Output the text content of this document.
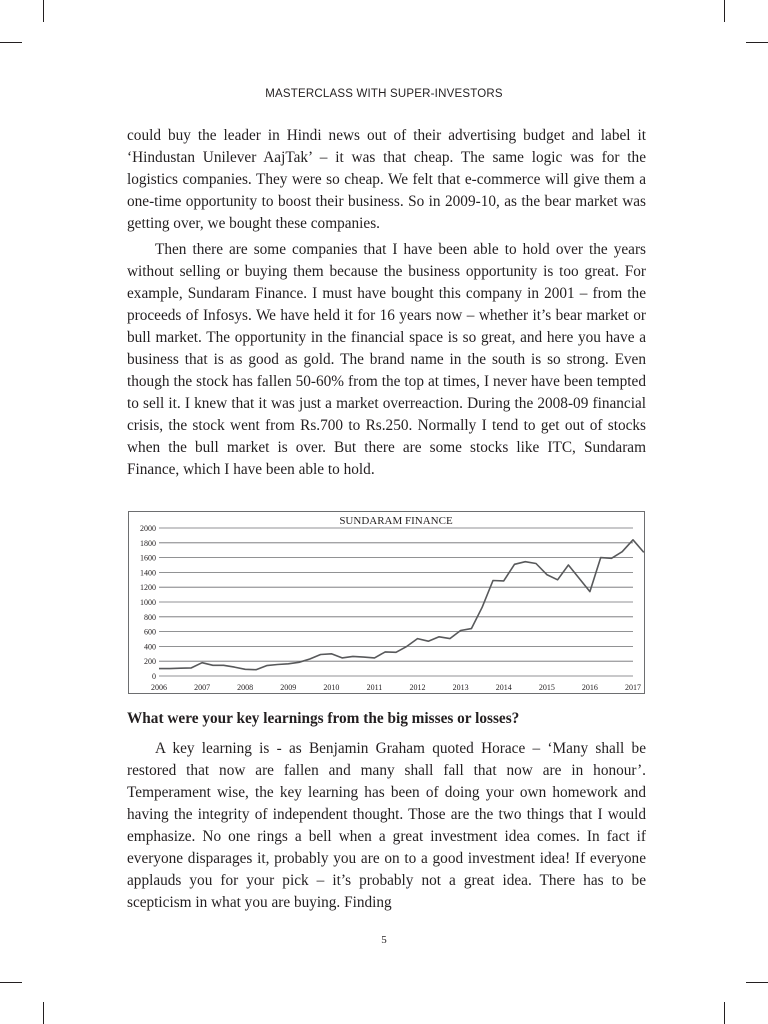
MASTERCLASS WITH SUPER-INVESTORS

could buy the leader in Hindi news out of their advertising budget and label it ‘Hindustan Unilever AajTak’ – it was that cheap. The same logic was for the logistics companies. They were so cheap. We felt that e-commerce will give them a one-time opportunity to boost their business. So in 2009-10, as the bear market was getting over, we bought these companies.

Then there are some companies that I have been able to hold over the years without selling or buying them because the business opportunity is too great. For example, Sundaram Finance. I must have bought this company in 2001 – from the proceeds of Infosys. We have held it for 16 years now – whether it’s bear market or bull market. The opportunity in the financial space is so great, and here you have a business that is as good as gold. The brand name in the south is so strong. Even though the stock has fallen 50-60% from the top at times, I never have been tempted to sell it. I knew that it was just a market overreaction. During the 2008-09 financial crisis, the stock went from Rs.700 to Rs.250. Normally I tend to get out of stocks when the bull market is over. But there are some stocks like ITC, Sundaram Finance, which I have been able to hold.

SUNDARAM FINANCE
0
200
400
600
800
1000
1200
1400
1600
1800
2000
2006	2007	2008	2009	2010	2011	2012	2013	2014	2015	2016	2017

What were your key learnings from the big misses or losses?

A key learning is - as Benjamin Graham quoted Horace – ‘Many shall be restored that now are fallen and many shall fall that now are in honour’. Temperament wise, the key learning has been of doing your own homework and having the integrity of independent thought. Those are the two things that I would emphasize. No one rings a bell when a great investment idea comes. In fact if everyone disparages it, probably you are on to a good investment idea! If everyone applauds you for your pick – it’s probably not a great idea. There has to be scepticism in what you are buying. Finding

5
